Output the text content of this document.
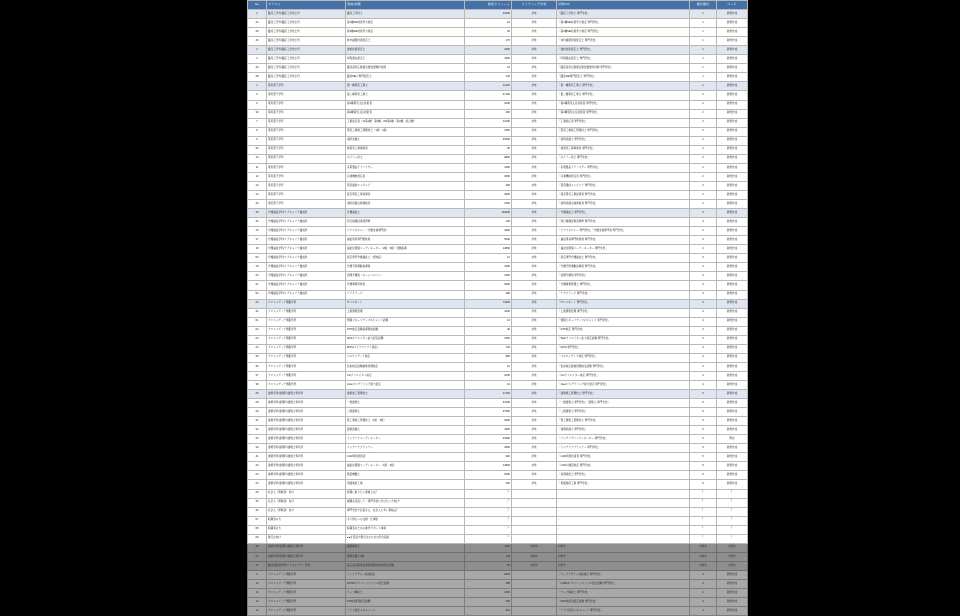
No	カテゴリ	資格/試験	検索ボリューム	ライティング対象	対策KW	優先順位	ページ
2	臨床工学科/臨床工学技士科	臨床工学技士	22300	対象	「臨床工学技士 専門学校」	1	新規作成
44	臨床工学科/臨床工学技士科	第1種ME技術実力検定	10	対象	「第1種ME技術実力検定 専門学校」	1	新規作成
45	臨床工学科/臨床工学技士科	第2種ME技術実力検定	20	対象	「第2種ME技術実力検定 専門学校」	1	新規作成
46	臨床工学科/臨床工学技士科	体外循環技術認定士	170	対象	「体外循環技術認定士 専門学校」	1	新規作成
3	臨床工学科/臨床工学技士科	透析技術認定士	1900	対象	「透析技術認定士 専門学校」	1	新規作成
4	臨床工学科/臨床工学技士科	呼吸療法認定士	4400	対象	「呼吸療法認定士 専門学校」	1	新規作成
49	臨床工学科/臨床工学技士科	臨床高気圧酸素治療装置操作技師	10	対象	「臨床高気圧酸素治療装置操作技師 専門学校」	1	新規作成
48	臨床工学科/臨床工学技士科	臨床MEシ専門認定士	140	対象	「臨床ME専門認定士 専門学校」	1	新規作成
1	電気電子学科	第一種電気工事士	12100	対象	「第一種電気工事士 専門学校」	2	新規作成
5	電気電子学科	第二種電気工事士	27100	対象	「第二種電気工事士 専門学校」	2	新規作成
6	電気電子学科	第1種電気主任技術者	1000	対象	「第1種電気主任技術者 専門学校」	2	新規作成
30	電気電子学科	第2種電気主任技術者	400	対象	「第2種電気主任技術者 専門学校」	2	新規作成
7	電気電子学科	工事担任者（AI第1種・第3種、DD第1種・第3種、総合種）	12100	対象	「工事担任者 専門学校」	2	新規作成
8	電気電子学科	電気工事施工管理技士（1級・2級）	3400	対象	「電気工事施工管理技士 専門学校」	2	新規作成
9	電気電子学科	消防設備士	40500	対象	「消防設備士 専門学校」	2	新規作成
34	電気電子学科	検電気工事事業者	30	対象	「検電気工事事業者 専門学校」	2	新規作成
10	電気電子学科	ボイラー技士	9800	対象	「ボイラー技士 専門学校」	2	新規作成
11	電気電子学科	家電製品アドバイザー	1300	対象	「家電製品アドバイザー 専門学校」	2	新規作成
12	電気電子学科	冷凍機械責任者	3600	対象	「冷凍機械責任者 専門学校」	2	新規作成
13	電気電子学科	電気通信エンジニア	390	対象	「電気通信エンジニア 専門学校」	2	新規作成
14	電気電子学科	認定電気工事従事者	2900	対象	「認定電気工事従事者 専門学校」	2	新規作成
40	電気電子学科	消防設備点検資格者	2400	対象	「消防設備点検資格者 専門学校」	2	新規作成
15	介護福祉学科/ケアキャリア養成科	介護福祉士	110000	対象	「介護福祉士 専門学校」	3	新規作成
46	介護福祉学科/ケアキャリア養成科	同行援護従事者研修	120	対象	「同行援護従事者研修 専門学校」	3	新規作成
16	介護福祉学科/ケアキャリア養成科	ケアマネジャー（介護支援専門員）	4400	対象	「ケアマネジャー 専門学校」「介護支援専門員 専門学校」	3	新規作成
17	介護福祉学科/ケアキャリア養成科	福祉用具専門相談員	5600	対象	「福祉用具専門相談員 専門学校」	3	新規作成
18	介護福祉学科/ケアキャリア養成科	福祉住環境コーディネーター（2級・3級）受験指導	14800	対象	「福祉住環境コーディネーター 専門学校」	3	新規作成
53	介護福祉学科/ケアキャリア養成科	認定専門介護福祉士（認知症）	10	対象	「認定専門介護福祉士 専門学校」	3	新規作成
19	介護福祉学科/ケアキャリア養成科	介護予防運動指導員	1600	対象	「介護予防運動指導員 専門学校」	3	新規作成
20	介護福祉学科/ケアキャリア養成科	訪問介護員（ホームヘルパー）	1000	対象	「訪問介護員 専門学校」	3	新規作成
21	介護福祉学科/ケアキャリア養成科	介護事務実務者	5400	対象	「介護事務管理士 専門学校」	3	新規作成
52	介護福祉学科/ケアキャリア養成科	ケアクラーク	480	対象	「ケアクラーク 専門学校」	3	新規作成
22	クロスメディア情報学科	ITパスポート	74000	対象	「ITパスポート 専門学校」	4	新規作成
42	クロスメディア情報学科	上級情報処理	4400	対象	「上級情報処理 専門学校」	4	新規作成
61	クロスメディア情報学科	情報セキュリティマネジメント試験	10	対象	「情報セキュリティマネジメント 専門学校」	4	新規作成
62	クロスメディア情報学科	DTP検定受験指導資格試験	40	対象	「DTP検定 専門学校」	4	新規作成
23	クロスメディア情報学科	Webクリエイター能力認定試験	1600	対象	「Webクリエイター能力認定試験 専門学校」	4	新規作成
24	クロスメディア情報学科	MOS(マイクロソフト検定)	720	対象	「MOS 専門学校」	4	新規作成
35	クロスメディア情報学科	マルチメディア検定	880	対象	「マルチメディア検定 専門学校」	4	新規作成
36	クロスメディア情報学科	色彩検定試験画像処理検定	10	対象	「色彩検定画像処理検定試験 専門学校」	4	新規作成
37	クロスメディア情報学科	CGクリエイター検定	1000	対象	「CGクリエイター検定 専門学校」	4	新規作成
38	クロスメディア情報学科	Javaプログラミング能力認定	10	対象	「Javaプログラミング能力認定 専門学校」	4	新規作成
26	建築学科/建築科/建築士専攻科	建築施工管理技士	17100	対象	「建築施工管理技士 専門学校」	5	新規作成
28	建築学科/建築科/建築士専攻科	一級建築士	33100	対象	「一級建築士 専門学校」「建築士 専門学校」	5	新規作成
29	建築学科/建築科/建築士専攻科	二級建築士	27500	対象	「二級建築士 専門学校」	5	新規作成
31	建築学科/建築科/建築士専攻科	管工事施工管理技士（1級・2級）	9400	対象	「管工事施工管理技士 専門学校」	5	新規作成
32	建築学科/建築科/建築士専攻科	建築設備士	3400	対象	「建築設備士 専門学校」	5	新規作成
33	建築学科/建築科/建築士専攻科	インテリアコーディネーター	21500	対象	「インテリアコーディネーター 専門学校」	5	既存
39	建築学科/建築科/建築士専攻科	インテリアプランナー	2900	対象	「インテリアプランナー 専門学校」	5	新規作成
41	建築学科/建築科/建築士専攻科	CAD利用技術者	320	対象	「CAD利用技術者 専門学校」	5	新規作成
43	建築学科/建築科/建築士専攻科	福祉住環境コーディネーター（1級・2級）	14800	対象	「CADの測量検定 専門学校」	5	新規作成
23	建築学科/建築科/建築士専攻科	測量機器士	5400	対象	「消毒施設士 専門学校」	5	新規作成
24	建築学科/建築科/建築士専攻科	用藤施設工事	260	対象	「用藤施設工事 専門学校」	5	新規作成
25	社会人（即戦者）向け	短期に取りたい資格とは？	？		-	？	？
35	社会人（即戦者）向け	就職を目指して（専門学校に学びたい方向け）	？		-	？	？
36	社会人（即戦者）向け	専門学校で目指せる、社会人に多い資格は？	？		-	？	？
67	転職者の方	あり得るへの支援・仕事給	？		-	？	？
68	転職者の方	転職者のための進学サポート体制	？		-	？	？
69	親元生向け	●●を目指す親元生のための学会指南	？		-	？	？
26	建築学科/建築科/建築士専攻科	建築施設士	1100	対象外	対象外	対象外	対象外
27	建築学科/建築科/建築士専攻科	建築設備士2種	140	対象外	対象外	対象外	対象外
47	臨床放射線学科/ケアキャリア一学科	高圧高圧酸素治療装置操作技師認定試験	10	対象外	対象外	対象外	対象外
9	クロスメディア情報学科	ウェブデザイン技能検定	9400		「ウェブデザイン技能検定 専門学校」	4	新規作成
10	クロスメディア情報学科	HTML5プロフェッショナル認定試験	480		「HTML5プロフェッショナル認定試験 専門学校」	4	新規作成
11	クロスメディア情報学科	ウェブ解析士	1600		「ウェブ解析士 専門学校」	4	新規作成
12	クロスメディア情報学科	PHP技術者認定試験	290		「PHP技術者認定試験 専門学校」	4	新規作成
13	クロスメディア情報学科	アドビ認定エキスパート	210		「アドビ認定エキスパート 専門学校」	4	新規作成
